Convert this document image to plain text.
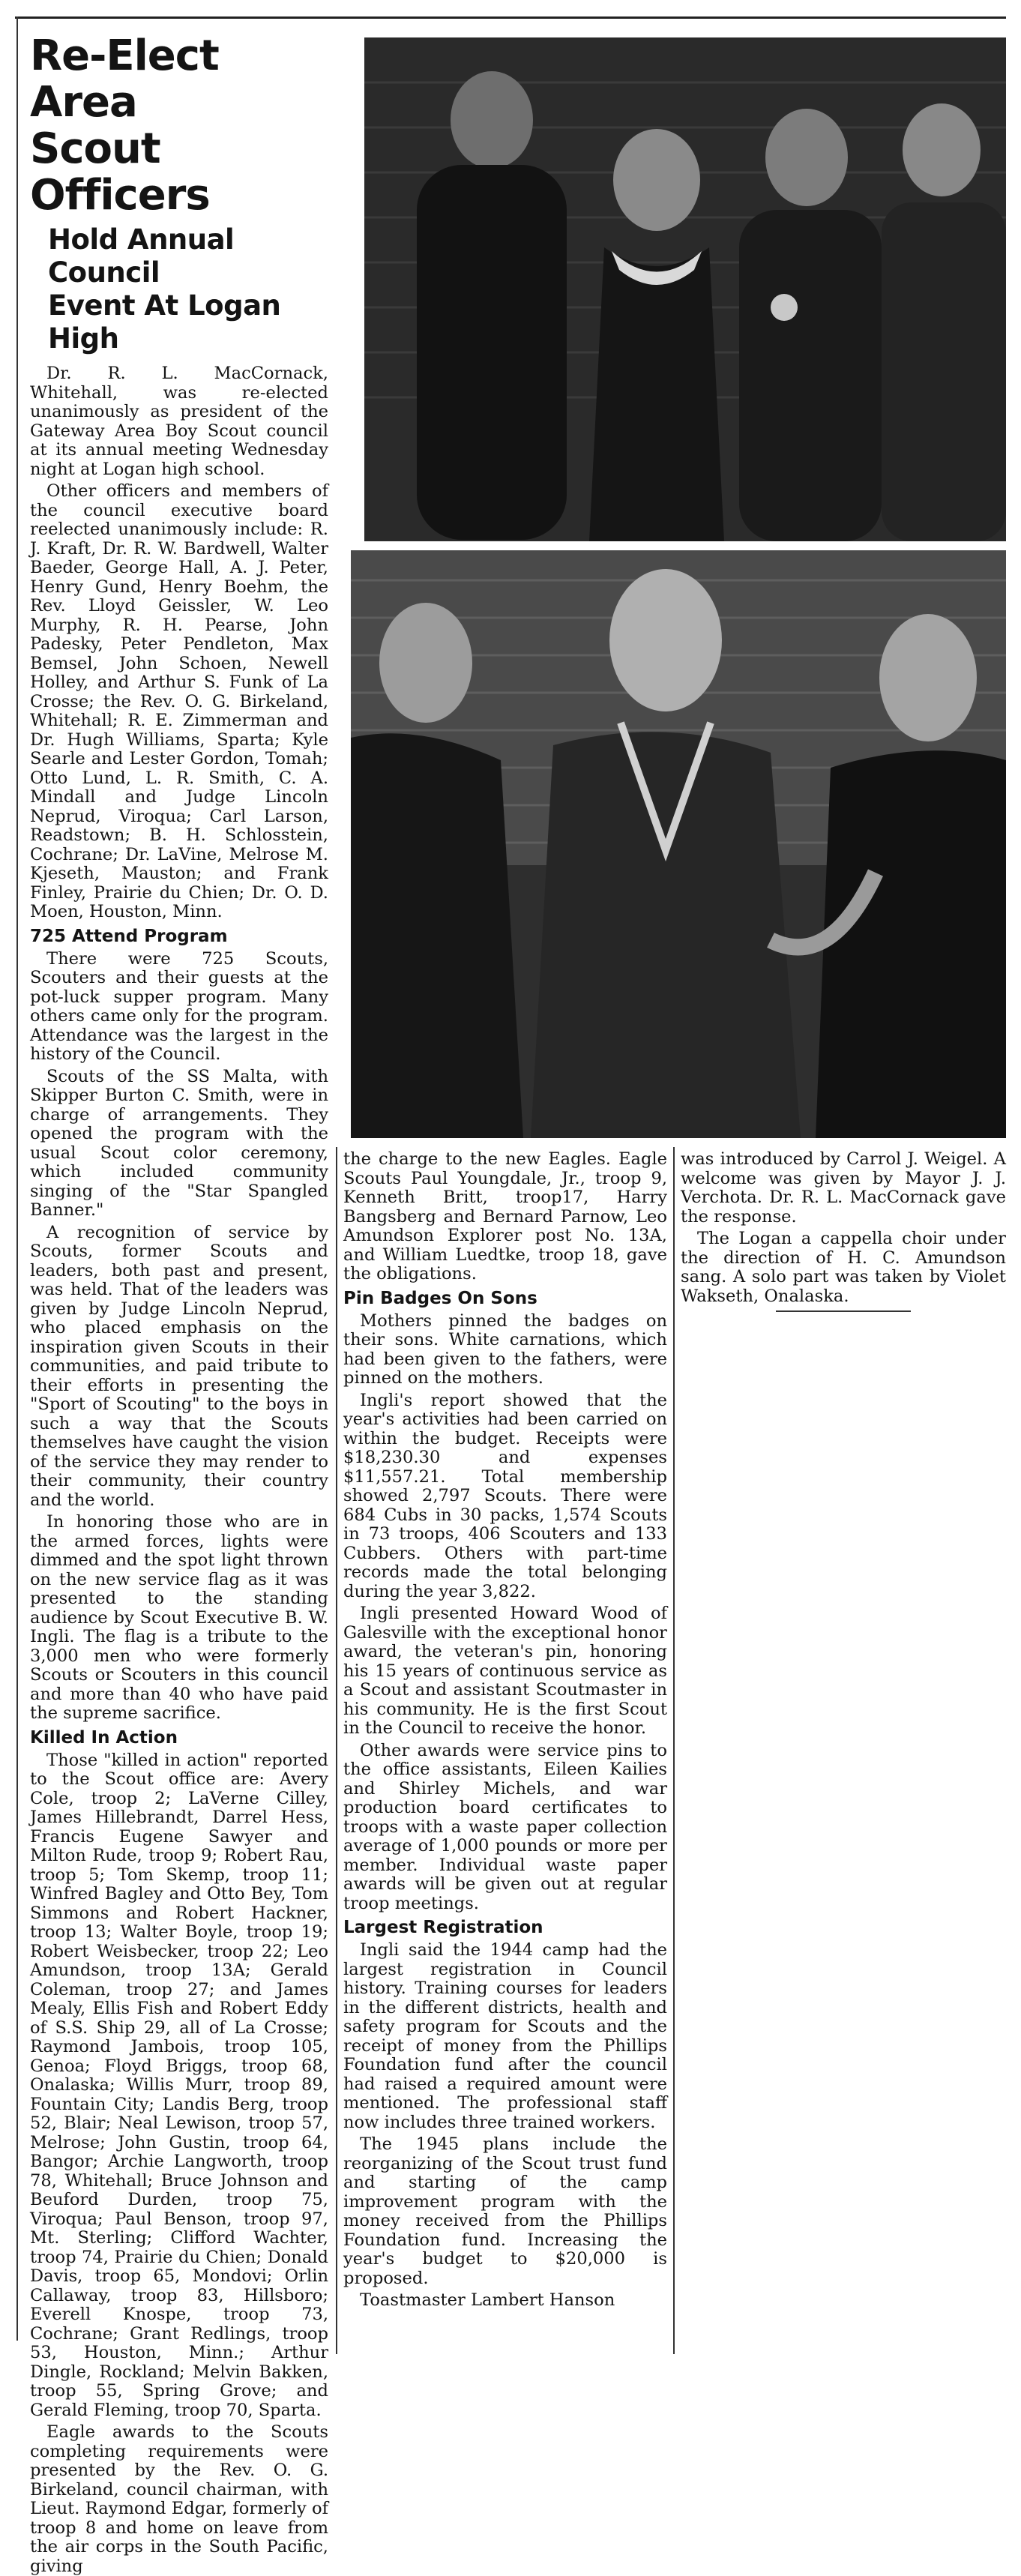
Re-Elect Area
Scout Officers
Hold Annual Council
Event At Logan High

Dr. R. L. MacCornack, Whitehall, was re-elected unanimously as president of the Gateway Area Boy Scout council at its annual meeting Wednesday night at Logan high school.

Other officers and members of the council executive board reelected unanimously include: R. J. Kraft, Dr. R. W. Bardwell, Walter Baeder, George Hall, A. J. Peter, Henry Gund, Henry Boehm, the Rev. Lloyd Geissler, W. Leo Murphy, R. H. Pearse, John Padesky, Peter Pendleton, Max Bemsel, John Schoen, Newell Holley, and Arthur S. Funk of La Crosse; the Rev. O. G. Birkeland, Whitehall; R. E. Zimmerman and Dr. Hugh Williams, Sparta; Kyle Searle and Lester Gordon, Tomah; Otto Lund, L. R. Smith, C. A. Mindall and Judge Lincoln Neprud, Viroqua; Carl Larson, Readstown; B. H. Schlosstein, Cochrane; Dr. LaVine, Melrose M. Kjeseth, Mauston; and Frank Finley, Prairie du Chien; Dr. O. D. Moen, Houston, Minn.

725 Attend Program

There were 725 Scouts, Scouters and their guests at the pot-luck supper program. Many others came only for the program. Attendance was the largest in the history of the Council.

Scouts of the SS Malta, with Skipper Burton C. Smith, were in charge of arrangements. They opened the program with the usual Scout color ceremony, which included community singing of the "Star Spangled Banner."

A recognition of service by Scouts, former Scouts and leaders, both past and present, was held. That of the leaders was given by Judge Lincoln Neprud, who placed emphasis on the inspiration given Scouts in their communities, and paid tribute to their efforts in presenting the "Sport of Scouting" to the boys in such a way that the Scouts themselves have caught the vision of the service they may render to their community, their country and the world.

In honoring those who are in the armed forces, lights were dimmed and the spot light thrown on the new service flag as it was presented to the standing audience by Scout Executive B. W. Ingli. The flag is a tribute to the 3,000 men who were formerly Scouts or Scouters in this council and more than 40 who have paid the supreme sacrifice.

Killed In Action

Those "killed in action" reported to the Scout office are: Avery Cole, troop 2; LaVerne Cilley, James Hillebrandt, Darrel Hess, Francis Eugene Sawyer and Milton Rude, troop 9; Robert Rau, troop 5; Tom Skemp, troop 11; Winfred Bagley and Otto Bey, Tom Simmons and Robert Hackner, troop 13; Walter Boyle, troop 19; Robert Weisbecker, troop 22; Leo Amundson, troop 13A; Gerald Coleman, troop 27; and James Mealy, Ellis Fish and Robert Eddy of S.S. Ship 29, all of La Crosse; Raymond Jambois, troop 105, Genoa; Floyd Briggs, troop 68, Onalaska; Willis Murr, troop 89, Fountain City; Landis Berg, troop 52, Blair; Neal Lewison, troop 57, Melrose; John Gustin, troop 64, Bangor; Archie Langworth, troop 78, Whitehall; Bruce Johnson and Beuford Durden, troop 75, Viroqua; Paul Benson, troop 97, Mt. Sterling; Clifford Wachter, troop 74, Prairie du Chien; Donald Davis, troop 65, Mondovi; Orlin Callaway, troop 83, Hillsboro; Everell Knospe, troop 73, Cochrane; Grant Redlings, troop 53, Houston, Minn.; Arthur Dingle, Rockland; Melvin Bakken, troop 55, Spring Grove; and Gerald Fleming, troop 70, Sparta.

Eagle awards to the Scouts completing requirements were presented by the Rev. O. G. Birkeland, council chairman, with Lieut. Raymond Edgar, formerly of troop 8 and home on leave from the air corps in the South Pacific, giving

the charge to the new Eagles. Eagle Scouts Paul Youngdale, Jr., troop 9, Kenneth Britt, troop17, Harry Bangsberg and Bernard Parnow, Leo Amundson Explorer post No. 13A, and William Luedtke, troop 18, gave the obligations.

Pin Badges On Sons

Mothers pinned the badges on their sons. White carnations, which had been given to the fathers, were pinned on the mothers.

Ingli's report showed that the year's activities had been carried on within the budget. Receipts were $18,230.30 and expenses $11,557.21. Total membership showed 2,797 Scouts. There were 684 Cubs in 30 packs, 1,574 Scouts in 73 troops, 406 Scouters and 133 Cubbers. Others with part-time records made the total belonging during the year 3,822.

Ingli presented Howard Wood of Galesville with the exceptional honor award, the veteran's pin, honoring his 15 years of continuous service as a Scout and assistant Scoutmaster in his community. He is the first Scout in the Council to receive the honor.

Other awards were service pins to the office assistants, Eileen Kailies and Shirley Michels, and war production board certificates to troops with a waste paper collection average of 1,000 pounds or more per member. Individual waste paper awards will be given out at regular troop meetings.

Largest Registration

Ingli said the 1944 camp had the largest registration in Council history. Training courses for leaders in the different districts, health and safety program for Scouts and the receipt of money from the Phillips Foundation fund after the council had raised a required amount were mentioned. The professional staff now includes three trained workers.

The 1945 plans include the reorganizing of the Scout trust fund and starting of the camp improvement program with the money received from the Phillips Foundation fund. Increasing the year's budget to $20,000 is proposed.

Toastmaster Lambert Hanson

was introduced by Carrol J. Weigel. A welcome was given by Mayor J. J. Verchota. Dr. R. L. MacCornack gave the response.

The Logan a cappella choir under the direction of H. C. Amundson sang. A solo part was taken by Violet Wakseth, Onalaska.
